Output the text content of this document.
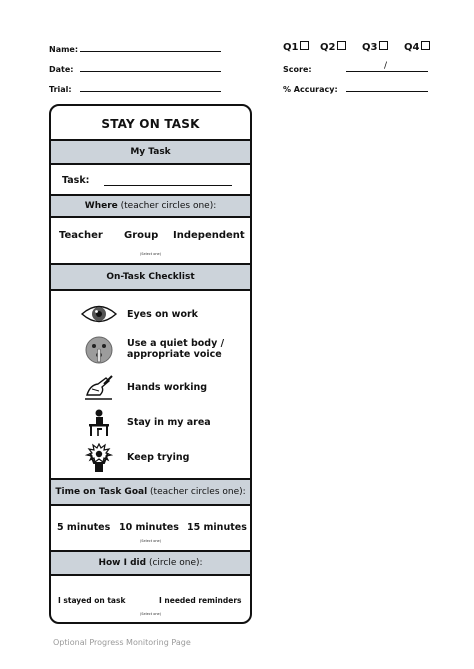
Name:
Date:
Trial:
Q1 Q2	Q3	Q4
Score:	/
% Accuracy:
STAY ON TASK
My Task
Task:
Where (teacher circles one):
Teacher Group Independent
(Select one)
On-Task Checklist
Eyes on work
Use a quiet body / appropriate voice
Hands working
Stay in my area
Keep trying
Time on Task Goal (teacher circles one):
5 minutes 10 minutes 15 minutes
(Select one)
How I did (circle one):
I stayed on task	I needed reminders
(Select one)
Optional Progress Monitoring Page
